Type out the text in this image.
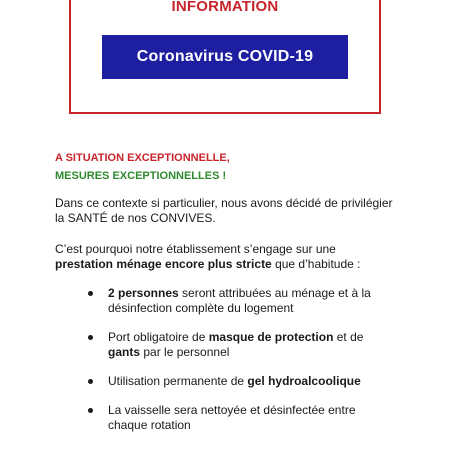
INFORMATION
Coronavirus COVID-19
A SITUATION EXCEPTIONNELLE,
MESURES EXCEPTIONNELLES !
Dans ce contexte si particulier, nous avons décidé de privilégier la SANTÉ de nos CONVIVES.
C’est pourquoi notre établissement s’engage sur une prestation ménage encore plus stricte que d’habitude :
2 personnes seront attribuées au ménage et à la désinfection complète du logement
Port obligatoire de masque de protection et de gants par le personnel
Utilisation permanente de gel hydroalcoolique
La vaisselle sera nettoyée et désinfectée entre chaque rotation
